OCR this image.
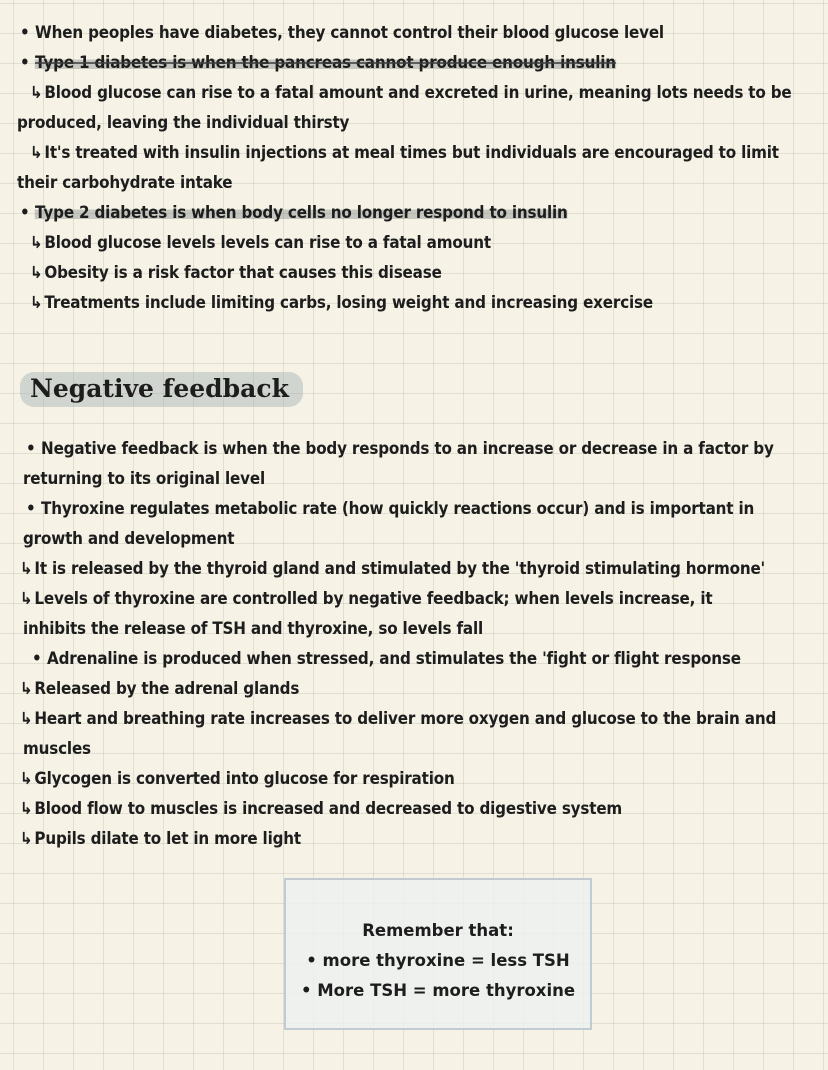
• When peoples have diabetes, they cannot control their blood glucose level
• Type 1 diabetes is when the pancreas cannot produce enough insulin
↳ Blood glucose can rise to a fatal amount and excreted in urine, meaning lots needs to be
produced, leaving the individual thirsty
↳ It's treated with insulin injections at meal times but individuals are encouraged to limit
their carbohydrate intake
• Type 2 diabetes is when body cells no longer respond to insulin
↳ Blood glucose levels levels can rise to a fatal amount
↳ Obesity is a risk factor that causes this disease
↳ Treatments include limiting carbs, losing weight and increasing exercise
Negative feedback
• Negative feedback is when the body responds to an increase or decrease in a factor by
returning to its original level
• Thyroxine regulates metabolic rate (how quickly reactions occur) and is important in
growth and development
↳ It is released by the thyroid gland and stimulated by the 'thyroid stimulating hormone'
↳ Levels of thyroxine are controlled by negative feedback; when levels increase, it
inhibits the release of TSH and thyroxine, so levels fall
• Adrenaline is produced when stressed, and stimulates the 'fight or flight response
↳ Released by the adrenal glands
↳ Heart and breathing rate increases to deliver more oxygen and glucose to the brain and
muscles
↳ Glycogen is converted into glucose for respiration
↳ Blood flow to muscles is increased and decreased to digestive system
↳ Pupils dilate to let in more light
Remember that:
• more thyroxine = less TSH
• More TSH = more thyroxine
